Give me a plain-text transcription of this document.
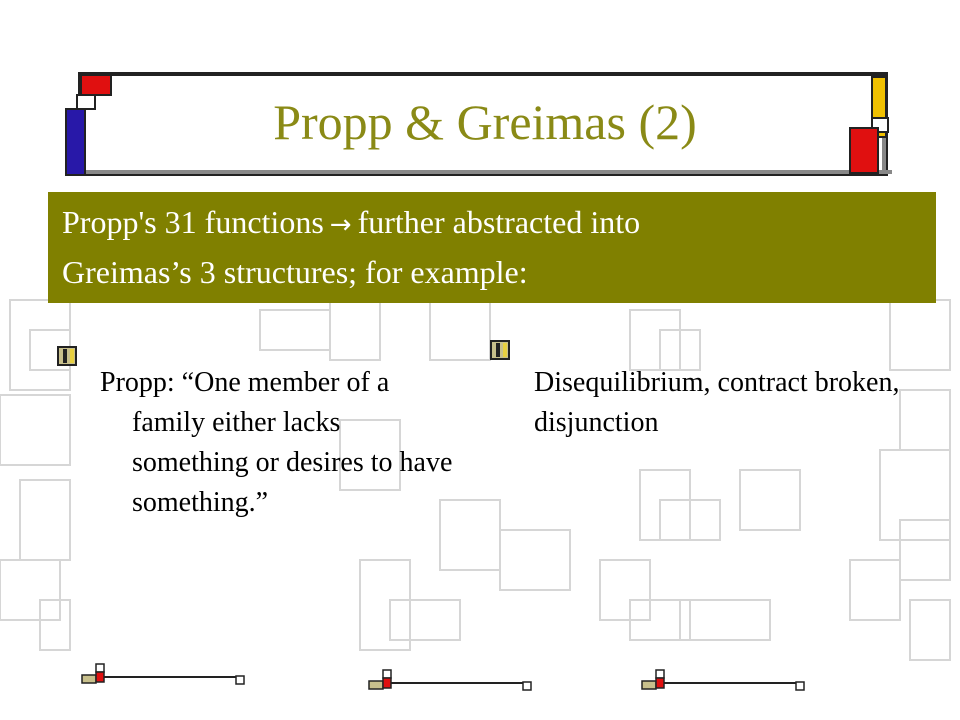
Propp & Greimas (2)
Propp's 31 functions → further abstracted into
Greimas’s 3 structures; for example:
Propp: “One member of a family either lacks something or desires to have something.”
Disequilibrium, contract broken, disjunction
